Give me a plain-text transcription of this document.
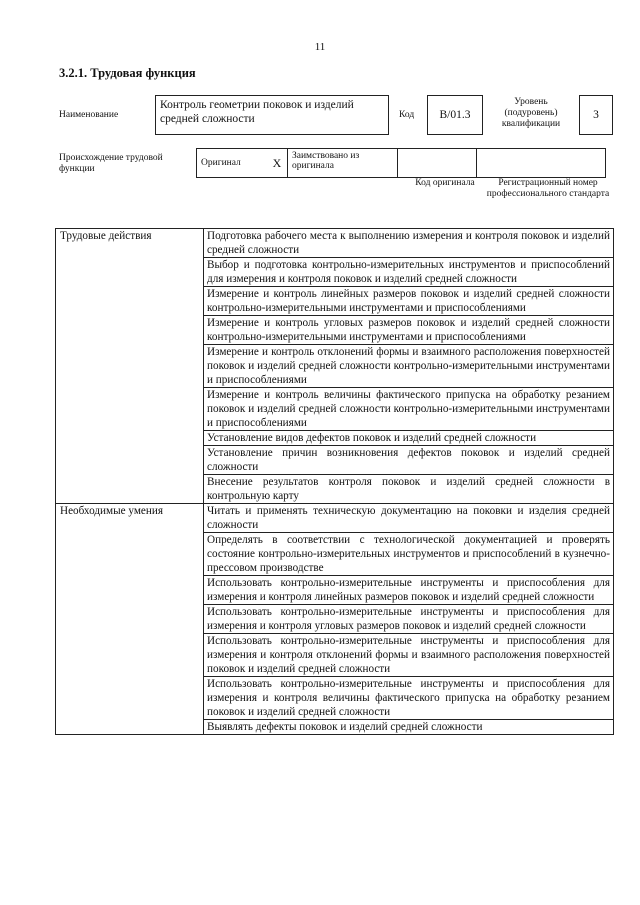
11
3.2.1. Трудовая функция
Наименование
Контроль геометрии поковок и изделий средней сложности	Код	B/01.3
Уровень (подуровень) квалификации
3
Происхождение трудовой функции
Оригинал	X	Заимствовано из оригинала		
Код оригинала	Регистрационный номер профессионального стандарта
Трудовые действия	Подготовка рабочего места к выполнению измерения и контроля поковок и изделий средней сложности
	Выбор и подготовка контрольно-измерительных инструментов и приспособлений для измерения и контроля поковок и изделий средней сложности
	Измерение и контроль линейных размеров поковок и изделий средней сложности контрольно-измерительными инструментами и приспособлениями
	Измерение и контроль угловых размеров поковок и изделий средней сложности контрольно-измерительными инструментами и приспособлениями
	Измерение и контроль отклонений формы и взаимного расположения поверхностей поковок и изделий средней сложности контрольно-измерительными инструментами и приспособлениями
	Измерение и контроль величины фактического припуска на обработку резанием поковок и изделий средней сложности контрольно-измерительными инструментами и приспособлениями
	Установление видов дефектов поковок и изделий средней сложности
	Установление причин возникновения дефектов поковок и изделий средней сложности
	Внесение результатов контроля поковок и изделий средней сложности в контрольную карту
Необходимые умения	Читать и применять техническую документацию на поковки и изделия средней сложности
	Определять в соответствии с технологической документацией и проверять состояние контрольно-измерительных инструментов и приспособлений в кузнечно-прессовом производстве
	Использовать контрольно-измерительные инструменты и приспособления для измерения и контроля линейных размеров поковок и изделий средней сложности
	Использовать контрольно-измерительные инструменты и приспособления для измерения и контроля угловых размеров поковок и изделий средней сложности
	Использовать контрольно-измерительные инструменты и приспособления для измерения и контроля отклонений формы и взаимного расположения поверхностей поковок и изделий средней сложности
	Использовать контрольно-измерительные инструменты и приспособления для измерения и контроля величины фактического припуска на обработку резанием поковок и изделий средней сложности
	Выявлять дефекты поковок и изделий средней сложности
